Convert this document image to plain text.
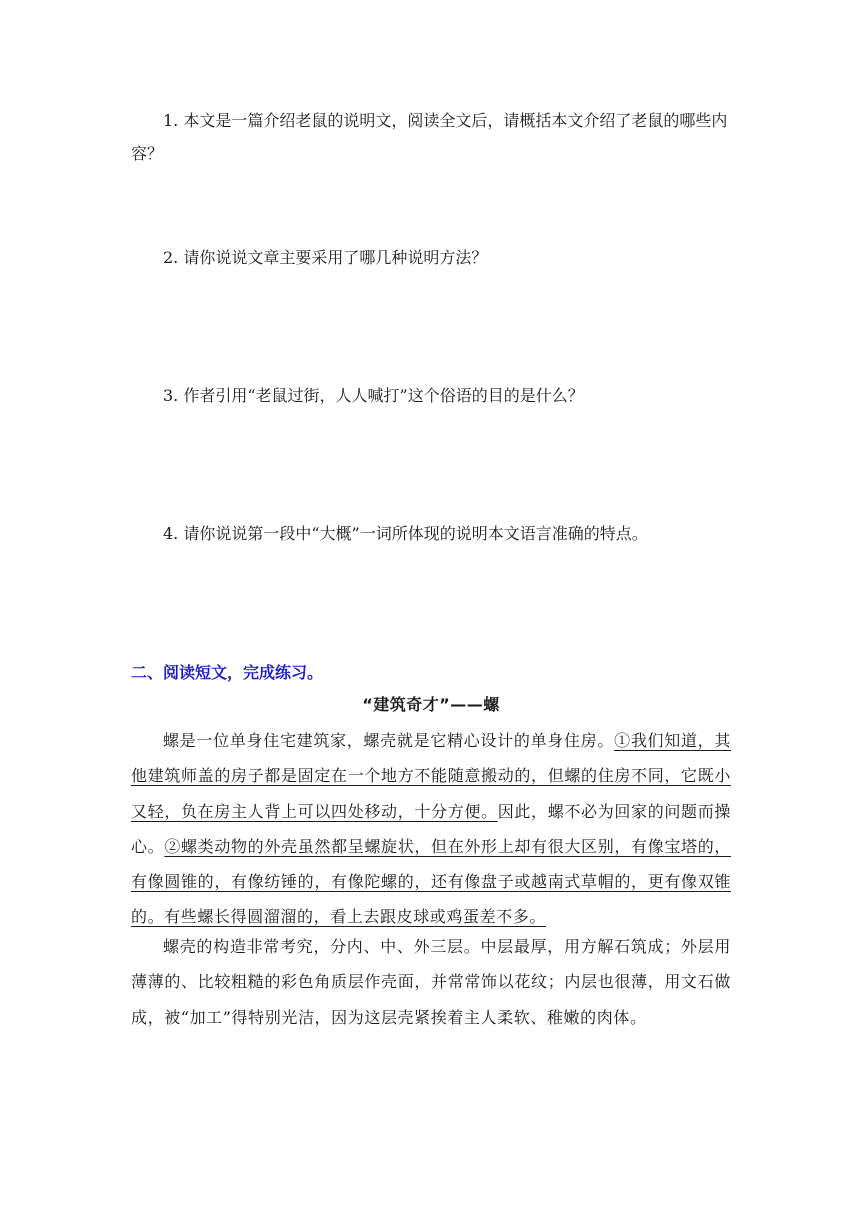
1. 本文是一篇介绍老鼠的说明文，阅读全文后，请概括本文介绍了老鼠的哪些内容？
2. 请你说说文章主要采用了哪几种说明方法？
3. 作者引用“老鼠过街，人人喊打”这个俗语的目的是什么？
4. 请你说说第一段中“大概”一词所体现的说明本文语言准确的特点。
二、阅读短文，完成练习。
“建筑奇才”——螺
螺是一位单身住宅建筑家，螺壳就是它精心设计的单身住房。①我们知道，其他建筑师盖的房子都是固定在一个地方不能随意搬动的，但螺的住房不同，它既小又轻，负在房主人背上可以四处移动，十分方便。因此，螺不必为回家的问题而操心。②螺类动物的外壳虽然都呈螺旋状，但在外形上却有很大区别，有像宝塔的，有像圆锥的，有像纺锤的，有像陀螺的，还有像盘子或越南式草帽的，更有像双锥的。有些螺长得圆溜溜的，看上去跟皮球或鸡蛋差不多。
螺壳的构造非常考究，分内、中、外三层。中层最厚，用方解石筑成；外层用薄薄的、比较粗糙的彩色角质层作壳面，并常常饰以花纹；内层也很薄，用文石做成，被“加工”得特别光洁，因为这层壳紧挨着主人柔软、稚嫩的肉体。
